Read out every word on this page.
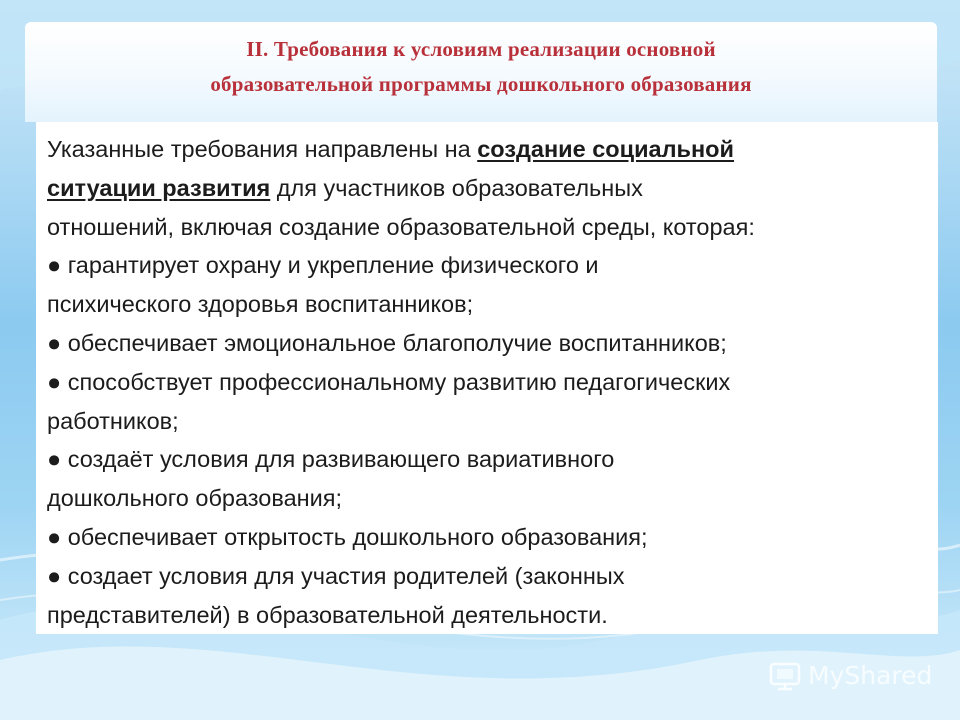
II. Требования к условиям реализации основной
образовательной программы дошкольного образования
Указанные требования направлены на создание социальной
ситуации развития для участников образовательных
отношений, включая создание образовательной среды, которая:
● гарантирует охрану и укрепление физического и
психического здоровья воспитанников;
● обеспечивает эмоциональное благополучие воспитанников;
● способствует профессиональному развитию педагогических
работников;
● создаёт условия для развивающего вариативного
дошкольного образования;
● обеспечивает открытость дошкольного образования;
● создает условия для участия родителей (законных
представителей) в образовательной деятельности.
MyShared
